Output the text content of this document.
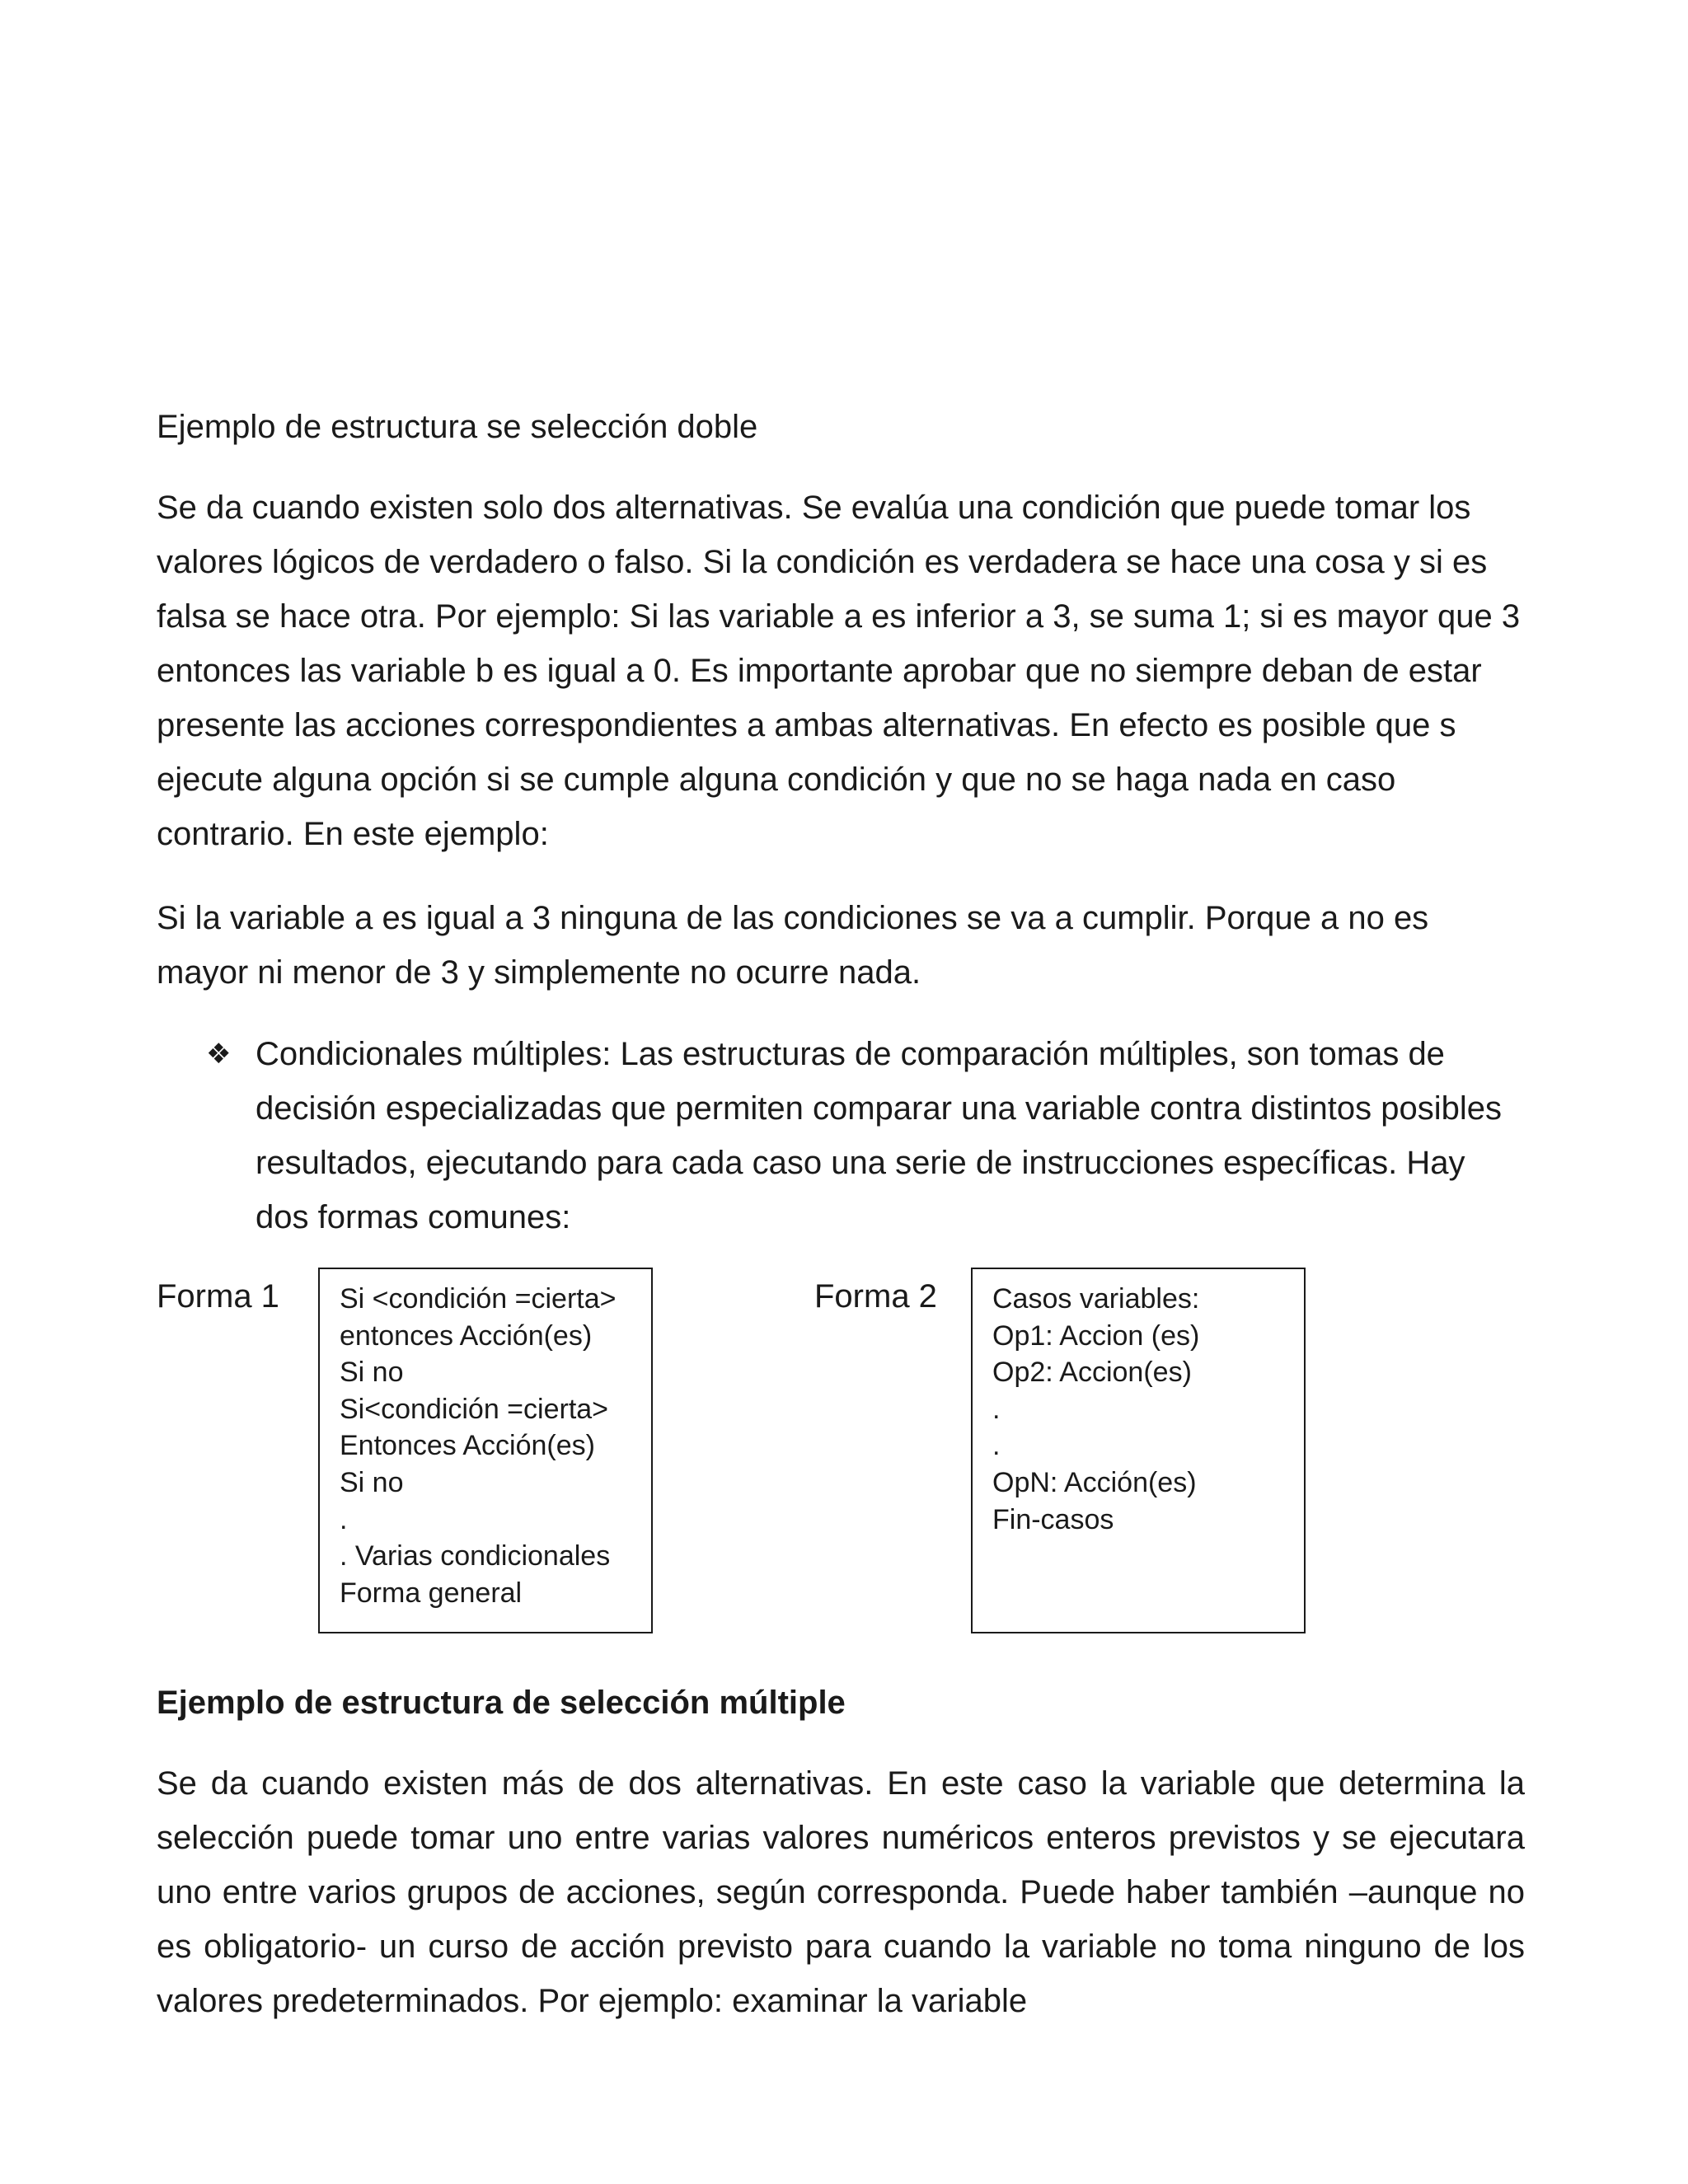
Ejemplo de estructura se selección doble

Se da cuando existen solo dos alternativas. Se evalúa una condición que puede tomar los valores lógicos de verdadero o falso. Si la condición es verdadera se hace una cosa y si es falsa se hace otra. Por ejemplo: Si las variable a es inferior a 3, se suma 1; si es mayor que 3 entonces las variable b es igual a 0. Es importante aprobar que no siempre deban de estar presente las acciones correspondientes a ambas alternativas. En efecto es posible que s ejecute alguna opción si se cumple alguna condición y que no se haga nada en caso contrario. En este ejemplo:

Si la variable a es igual a 3 ninguna de las condiciones se va a cumplir. Porque a no es mayor ni menor de 3 y simplemente no ocurre nada.

❖ Condicionales múltiples: Las estructuras de comparación múltiples, son tomas de decisión especializadas que permiten comparar una variable contra distintos posibles resultados, ejecutando para cada caso una serie de instrucciones específicas. Hay dos formas comunes:

Forma 1 Si <condición =cierta>
entonces Acción(es)
Si no
Si<condición =cierta>
Entonces Acción(es)
Si no
.
. Varias condicionales
Forma general
Forma 2 Casos variables:
Op1: Accion (es)
Op2: Accion(es)
.
.
OpN: Acción(es)
Fin-casos

Ejemplo de estructura de selección múltiple

Se da cuando existen más de dos alternativas. En este caso la variable que determina la selección puede tomar uno entre varias valores numéricos enteros previstos y se ejecutara uno entre varios grupos de acciones, según corresponda. Puede haber también –aunque no es obligatorio- un curso de acción previsto para cuando la variable no toma ninguno de los valores predeterminados. Por ejemplo: examinar la variable
